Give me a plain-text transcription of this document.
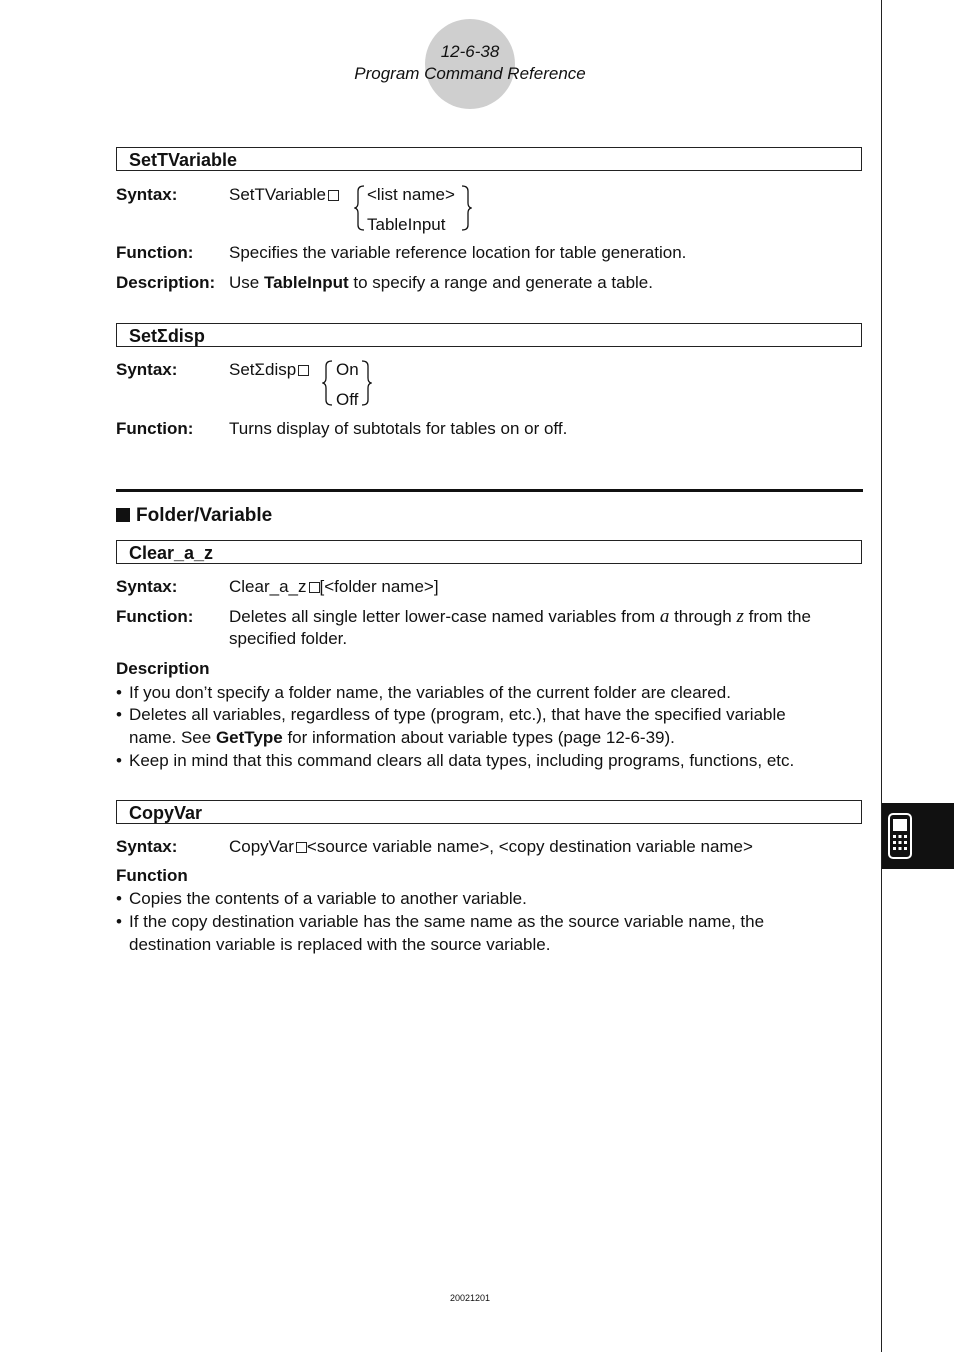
12-6-38
Program Command Reference
SetTVariable
Syntax:	SetTVariable	<list name>
TableInput
Function: Specifies the variable reference location for table generation.
Description: Use TableInput to specify a range and generate a table.
SetΣdisp
Syntax:	SetΣdisp	On
Off
Function: Turns display of subtotals for tables on or off.
Folder/Variable
Clear_a_z
Syntax:	Clear_a_z [<folder name>]
Function: Deletes all single letter lower-case named variables from a through z from the
specified folder.
Description
• If you don’t specify a folder name, the variables of the current folder are cleared.
• Deletes all variables, regardless of type (program, etc.), that have the specified variable
name. See GetType for information about variable types (page 12-6-39).
• Keep in mind that this command clears all data types, including programs, functions, etc.
CopyVar
Syntax:	CopyVar <source variable name>, <copy destination variable name>
Function
• Copies the contents of a variable to another variable.
• If the copy destination variable has the same name as the source variable name, the
destination variable is replaced with the source variable.
20021201
